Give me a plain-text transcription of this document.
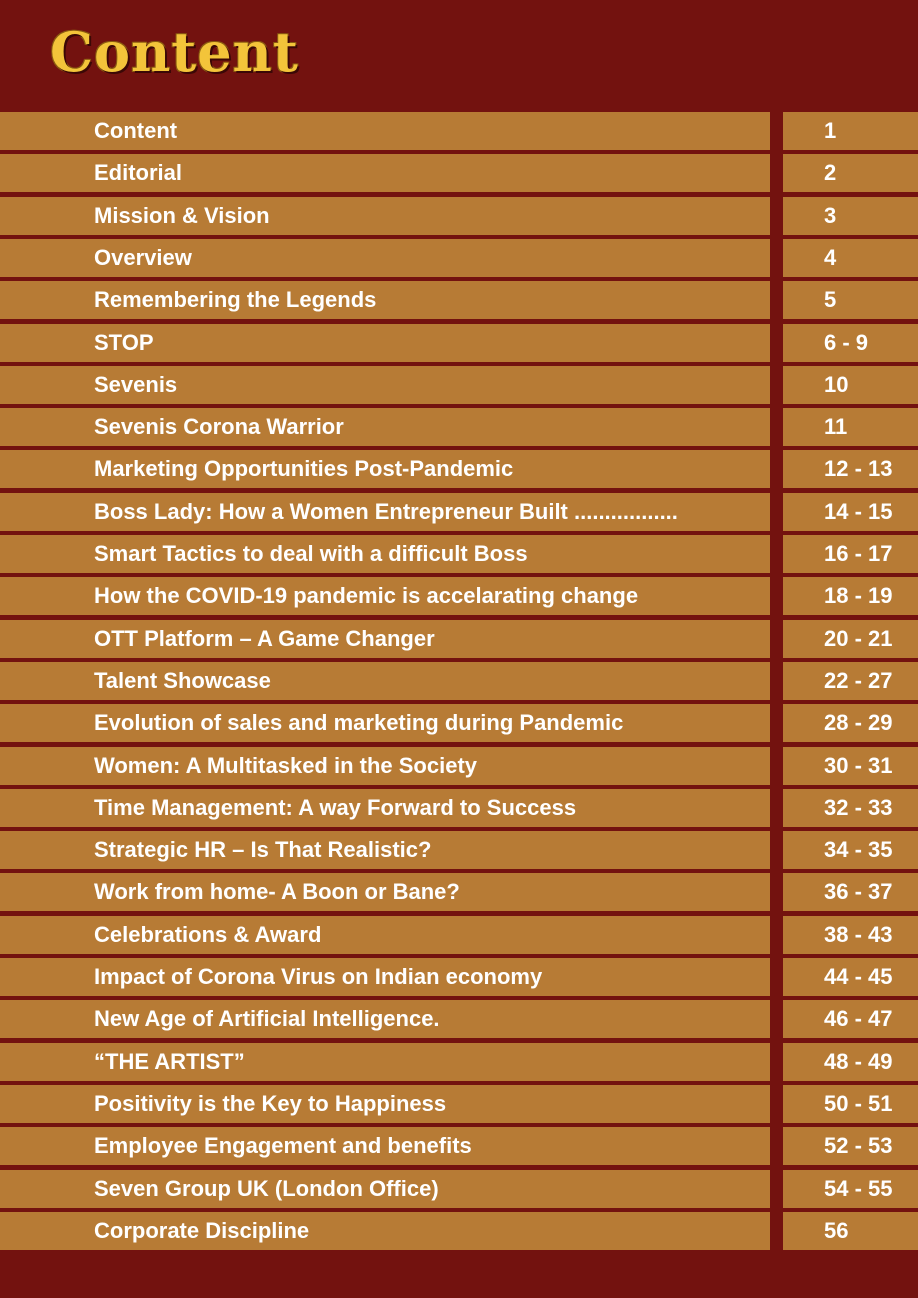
Content
Content	1
Editorial	2
Mission & Vision	3
Overview	4
Remembering the Legends	5
STOP	6 - 9
Sevenis	10
Sevenis Corona Warrior	11
Marketing Opportunities Post-Pandemic	12 - 13
Boss Lady: How a Women Entrepreneur Built .................	14 - 15
Smart Tactics to deal with a difficult Boss	16 - 17
How the COVID-19 pandemic is accelarating change	18 - 19
OTT Platform – A Game Changer	20 - 21
Talent Showcase	22 - 27
Evolution of sales and marketing during Pandemic	28 - 29
Women: A Multitasked in the Society	30 - 31
Time Management: A way Forward to Success	32 - 33
Strategic HR – Is That Realistic?	34 - 35
Work from home- A Boon or Bane?	36 - 37
Celebrations & Award	38 - 43
Impact of Corona Virus on Indian economy	44 - 45
New Age of Artificial Intelligence.	46 - 47
“THE ARTIST”	48 - 49
Positivity is the Key to Happiness	50 - 51
Employee Engagement and benefits	52 - 53
Seven Group UK (London Office)	54 - 55
Corporate Discipline	56
